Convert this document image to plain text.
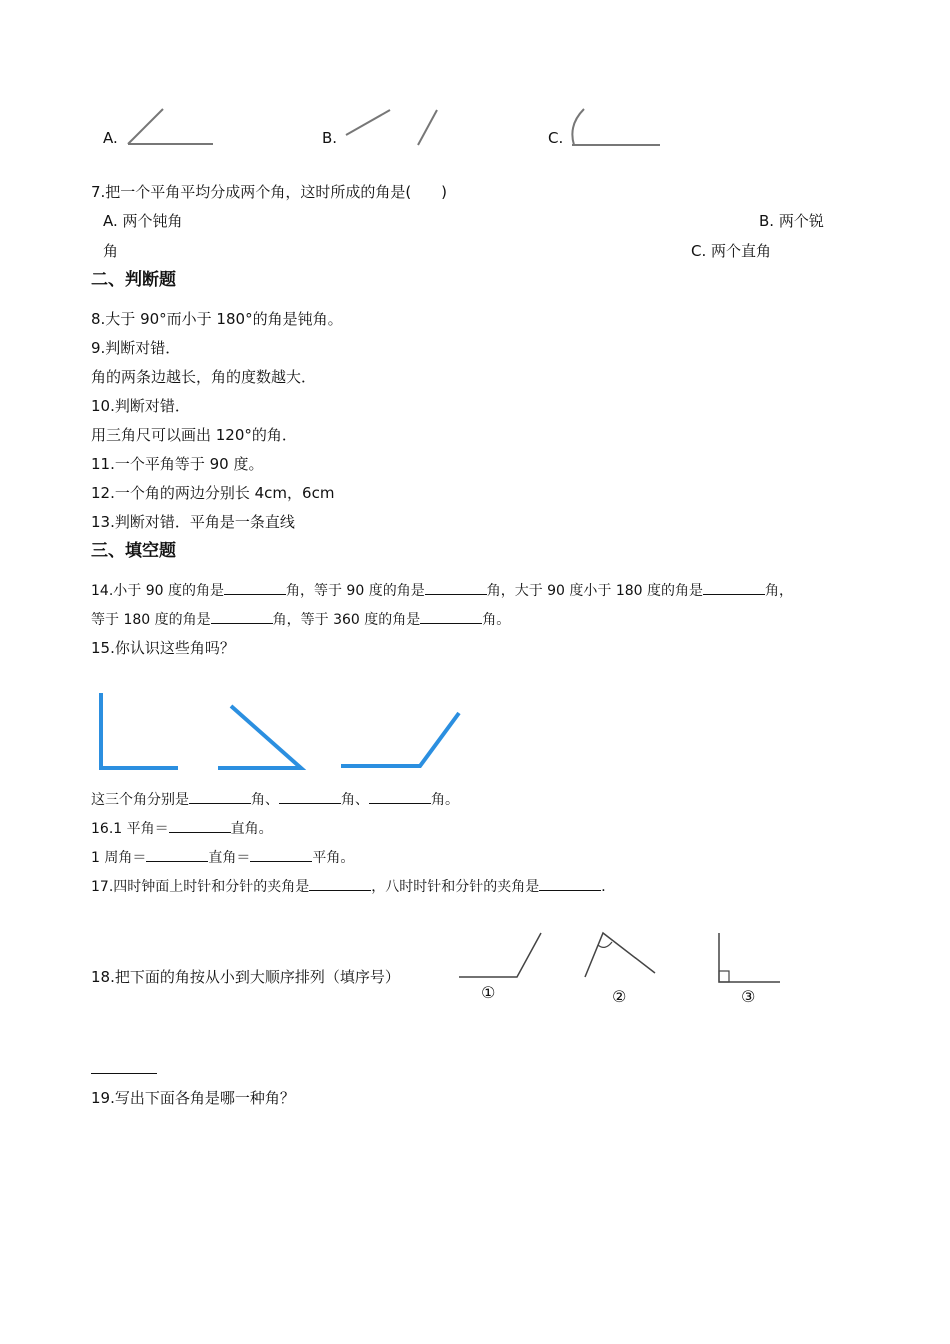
A.	B.	C.
7.把一个平角平均分成两个角，这时所成的角是(　　)
A. 两个钝角	B. 两个锐
角	C. 两个直角
二、判断题
8.大于 90°而小于 180°的角是钝角。
9.判断对错．
角的两条边越长，角的度数越大．
10.判断对错．
用三角尺可以画出 120°的角．
11.一个平角等于 90 度。
12.一个角的两边分别长 4cm，6cm
13.判断对错．平角是一条直线
三、填空题
14.小于 90 度的角是	角，等于 90 度的角是	角，大于 90 度小于 180 度的角是	角，
等于 180 度的角是	角，等于 360 度的角是	角。
15.你认识这些角吗？
这三个角分别是	角、	角、	角。
16.1 平角＝	直角。
1 周角＝	直角＝	平角。
17.四时钟面上时针和分针的夹角是	，八时时针和分针的夹角是	．
18.把下面的角按从小到大顺序排列（填序号）
①	②	③
19.写出下面各角是哪一种角？
